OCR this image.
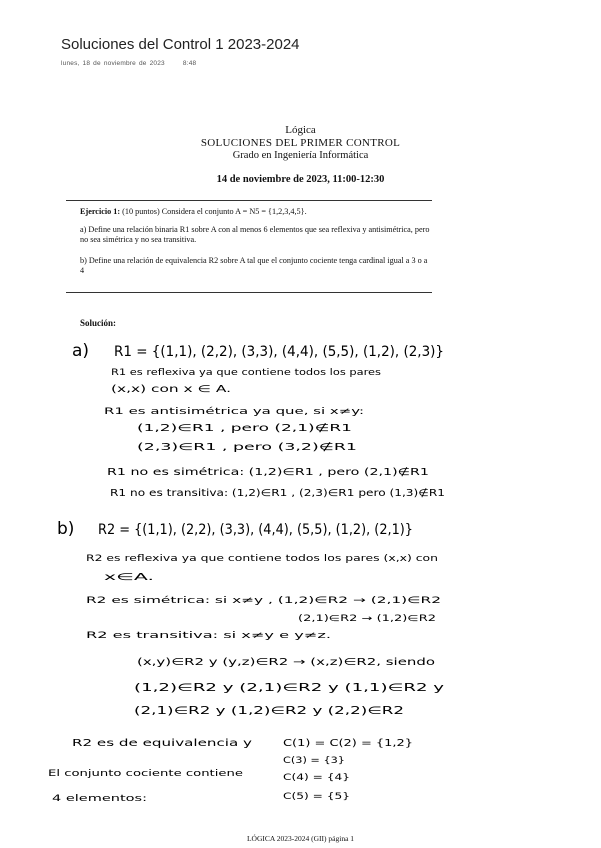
Soluciones del Control 1 2023-2024
lunes, 18 de noviembre de 2023	8:48
Lógica
SOLUCIONES DEL PRIMER CONTROL
Grado en Ingeniería Informática
14 de noviembre de 2023, 11:00-12:30
Ejercicio 1: (10 puntos) Considera el conjunto A = N5 = {1,2,3,4,5}.
a) Define una relación binaria R1 sobre A con al menos 6 elementos que sea reflexiva y antisimétrica, pero no sea simétrica y no sea transitiva.
b) Define una relación de equivalencia R2 sobre A tal que el conjunto cociente tenga cardinal igual a 3 o a 4
Solución:
a) R1 = {(1,1), (2,2), (3,3), (4,4), (5,5), (1,2), (2,3)}
R1 es reflexiva ya que contiene todos los pares
(x,x) con x ∈ A.
R1 es antisimétrica ya que, si x≠y:
(1,2)∈R1 , pero (2,1)∉R1
(2,3)∈R1 , pero (3,2)∉R1
R1 no es simétrica: (1,2)∈R1 , pero (2,1)∉R1
R1 no es transitiva: (1,2)∈R1 , (2,3)∈R1 pero (1,3)∉R1
b) R2 = {(1,1), (2,2), (3,3), (4,4), (5,5), (1,2), (2,1)}
R2 es reflexiva ya que contiene todos los pares (x,x) con
x∈A.
R2 es simétrica: si x≠y , (1,2)∈R2 → (2,1)∈R2
(2,1)∈R2 → (1,2)∈R2
R2 es transitiva: si x≠y e y≠z.
(x,y)∈R2 y (y,z)∈R2 → (x,z)∈R2, siendo
(1,2)∈R2 y (2,1)∈R2 y (1,1)∈R2 y
(2,1)∈R2 y (1,2)∈R2 y (2,2)∈R2
R2 es de equivalencia y	C(1) = C(2) = {1,2}
C(3) = {3}
C(4) = {4}
C(5) = {5}
El conjunto cociente contiene
4 elementos:
LÓGICA 2023-2024 (GII) página 1
